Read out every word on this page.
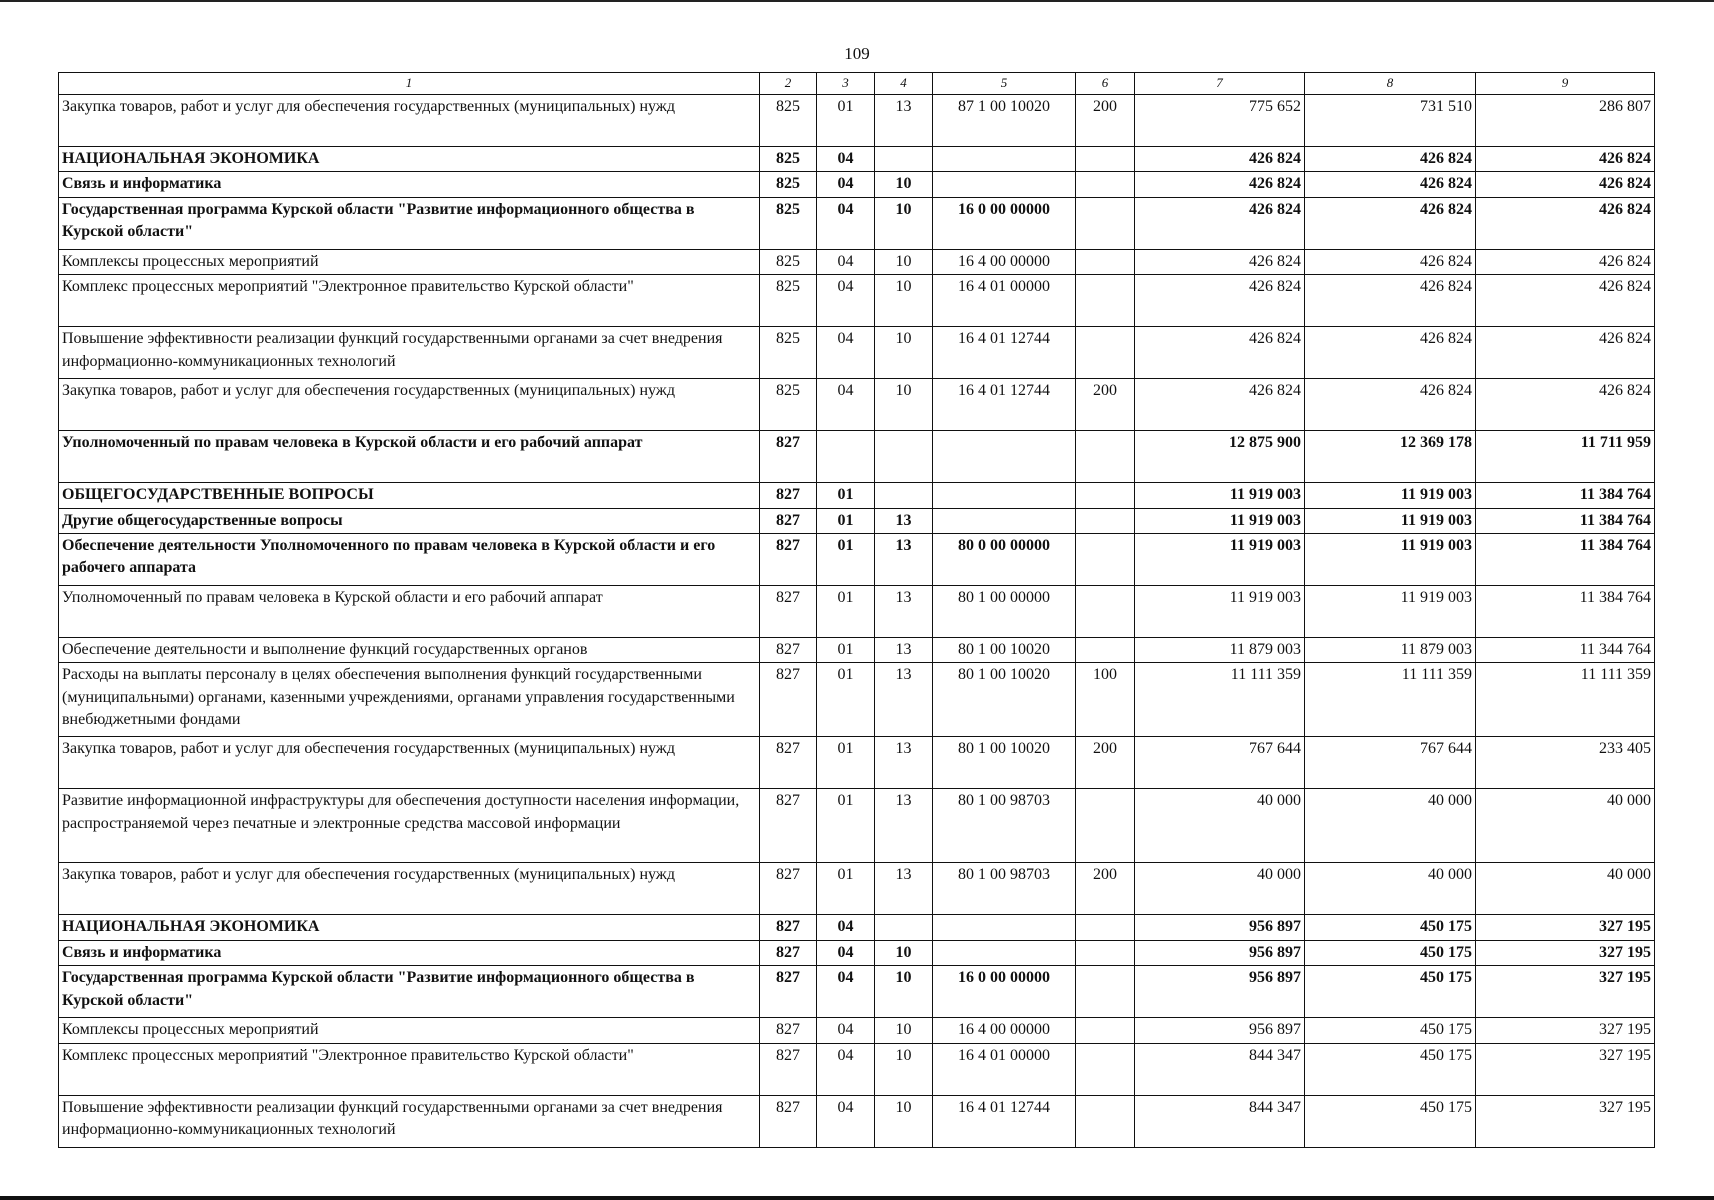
109
1	2	3	4	5	6	7	8	9
Закупка товаров, работ и услуг для обеспечения государственных (муниципальных) нужд	825	01	13	87 1 00 10020	200	775 652	731 510	286 807
НАЦИОНАЛЬНАЯ ЭКОНОМИКА	825	04				426 824	426 824	426 824
Связь и информатика	825	04	10			426 824	426 824	426 824
Государственная программа Курской области "Развитие информационного общества в Курской области"	825	04	10	16 0 00 00000		426 824	426 824	426 824
Комплексы процессных мероприятий	825	04	10	16 4 00 00000		426 824	426 824	426 824
Комплекс процессных мероприятий "Электронное правительство Курской области"	825	04	10	16 4 01 00000		426 824	426 824	426 824
Повышение эффективности реализации функций государственными органами за счет внедрения информационно-коммуникационных технологий	825	04	10	16 4 01 12744		426 824	426 824	426 824
Закупка товаров, работ и услуг для обеспечения государственных (муниципальных) нужд	825	04	10	16 4 01 12744	200	426 824	426 824	426 824
Уполномоченный по правам человека в Курской области и его рабочий аппарат	827					12 875 900	12 369 178	11 711 959
ОБЩЕГОСУДАРСТВЕННЫЕ ВОПРОСЫ	827	01				11 919 003	11 919 003	11 384 764
Другие общегосударственные вопросы	827	01	13			11 919 003	11 919 003	11 384 764
Обеспечение деятельности Уполномоченного по правам человека в Курской области и его рабочего аппарата	827	01	13	80 0 00 00000		11 919 003	11 919 003	11 384 764
Уполномоченный по правам человека в Курской области и его рабочий аппарат	827	01	13	80 1 00 00000		11 919 003	11 919 003	11 384 764
Обеспечение деятельности и выполнение функций государственных органов	827	01	13	80 1 00 10020		11 879 003	11 879 003	11 344 764
Расходы на выплаты персоналу в целях обеспечения выполнения функций государственными (муниципальными) органами, казенными учреждениями, органами управления государственными внебюджетными фондами	827	01	13	80 1 00 10020	100	11 111 359	11 111 359	11 111 359
Закупка товаров, работ и услуг для обеспечения государственных (муниципальных) нужд	827	01	13	80 1 00 10020	200	767 644	767 644	233 405
Развитие информационной инфраструктуры для обеспечения доступности населения информации, распространяемой через печатные и электронные средства массовой информации	827	01	13	80 1 00 98703		40 000	40 000	40 000
Закупка товаров, работ и услуг для обеспечения государственных (муниципальных) нужд	827	01	13	80 1 00 98703	200	40 000	40 000	40 000
НАЦИОНАЛЬНАЯ ЭКОНОМИКА	827	04				956 897	450 175	327 195
Связь и информатика	827	04	10			956 897	450 175	327 195
Государственная программа Курской области "Развитие информационного общества в Курской области"	827	04	10	16 0 00 00000		956 897	450 175	327 195
Комплексы процессных мероприятий	827	04	10	16 4 00 00000		956 897	450 175	327 195
Комплекс процессных мероприятий "Электронное правительство Курской области"	827	04	10	16 4 01 00000		844 347	450 175	327 195
Повышение эффективности реализации функций государственными органами за счет внедрения информационно-коммуникационных технологий	827	04	10	16 4 01 12744		844 347	450 175	327 195
